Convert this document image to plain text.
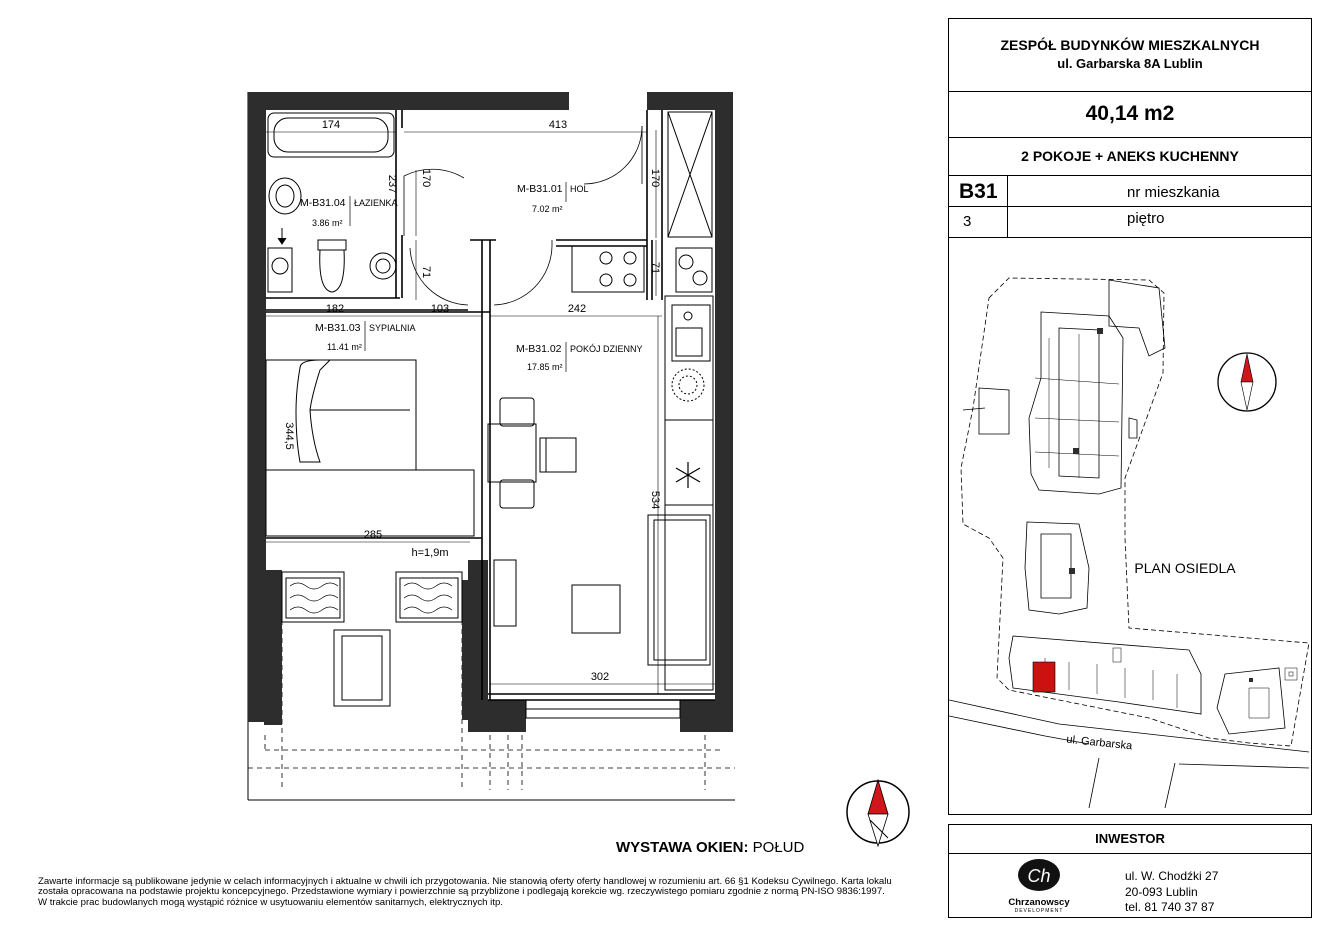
174	413
182	103	242
285
h=1,9m
302
237 170	170
71	71
344,5
534
M-B31.01 HOL
7.02 m²
M-B31.02 POKÓJ DZIENNY
17.85 m²
M-B31.03 SYPIALNIA
11.41 m²
M-B31.04 ŁAZIENKA
3.86 m²
WYSTAWA OKIEN: POŁUD
Zawarte informacje są publikowane jedynie w celach informacyjnych i aktualne w chwili ich przygotowania. Nie stanowią oferty oferty handlowej w rozumieniu art. 66 §1 Kodeksu Cywilnego. Karta lokalu
została opracowana na podstawie projektu koncepcyjnego. Przedstawione wymiary i powierzchnie są przybliżone i podlegają korekcie wg. rzeczywistego pomiaru zgodnie z normą PN-ISO 9836:1997.
W trakcie prac budowlanych mogą wystąpić różnice w usytuowaniu elementów sanitarnych, elektrycznych itp.
ZESPÓŁ BUDYNKÓW MIESZKALNYCH
ul. Garbarska 8A Lublin
40,14 m2
2 POKOJE + ANEKS KUCHENNY
B31	nr mieszkania
3	piętro
PLAN OSIEDLA
ul. Garbarska
INWESTOR
Ch
Chrzanowscy
DEVELOPMENT
ul. W. Chodźki 27
20-093 Lublin
tel. 81 740 37 87
